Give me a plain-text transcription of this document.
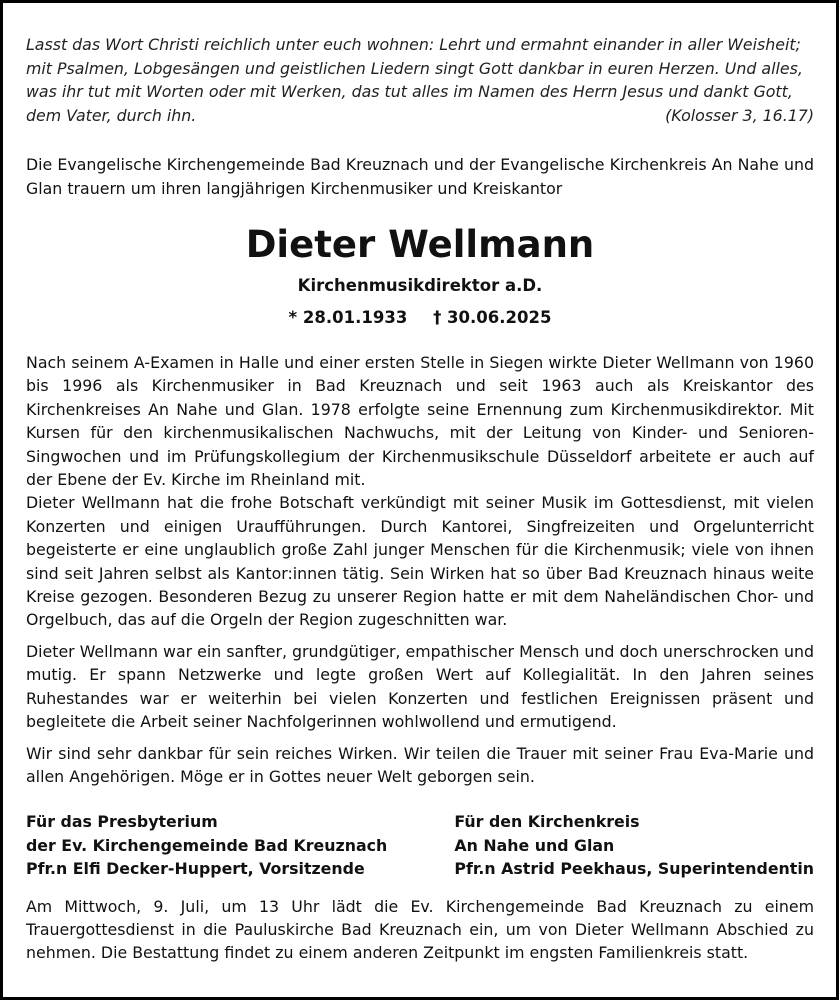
Lasst das Wort Christi reichlich unter euch wohnen: Lehrt und ermahnt einander in aller Weisheit;
mit Psalmen, Lobgesängen und geistlichen Liedern singt Gott dankbar in euren Herzen. Und alles,
was ihr tut mit Worten oder mit Werken, das tut alles im Namen des Herrn Jesus und dankt Gott,
dem Vater, durch ihn.	(Kolosser 3, 16.17)

Die Evangelische Kirchengemeinde Bad Kreuznach und der Evangelische Kirchenkreis An Nahe und Glan trauern um ihren langjährigen Kirchenmusiker und Kreiskantor

Dieter Wellmann
Kirchenmusikdirektor a.D.
* 28.01.1933 † 30.06.2025

Nach seinem A-Examen in Halle und einer ersten Stelle in Siegen wirkte Dieter Wellmann von 1960 bis 1996 als Kirchenmusiker in Bad Kreuznach und seit 1963 auch als Kreiskantor des Kirchenkreises An Nahe und Glan. 1978 erfolgte seine Ernennung zum Kirchenmusikdirektor. Mit Kursen für den kirchenmusikalischen Nachwuchs, mit der Leitung von Kinder- und Senioren-Singwochen und im Prüfungskollegium der Kirchenmusikschule Düsseldorf arbeitete er auch auf der Ebene der Ev. Kirche im Rheinland mit.

Dieter Wellmann hat die frohe Botschaft verkündigt mit seiner Musik im Gottesdienst, mit vielen Konzerten und einigen Uraufführungen. Durch Kantorei, Singfreizeiten und Orgelunterricht begeisterte er eine unglaublich große Zahl junger Menschen für die Kirchenmusik; viele von ihnen sind seit Jahren selbst als Kantor:innen tätig. Sein Wirken hat so über Bad Kreuznach hinaus weite Kreise gezogen. Besonderen Bezug zu unserer Region hatte er mit dem Naheländischen Chor- und Orgelbuch, das auf die Orgeln der Region zugeschnitten war.

Dieter Wellmann war ein sanfter, grundgütiger, empathischer Mensch und doch unerschrocken und mutig. Er spann Netzwerke und legte großen Wert auf Kollegialität. In den Jahren seines Ruhestandes war er weiterhin bei vielen Konzerten und festlichen Ereignissen präsent und begleitete die Arbeit seiner Nachfolgerinnen wohlwollend und ermutigend.

Wir sind sehr dankbar für sein reiches Wirken. Wir teilen die Trauer mit seiner Frau Eva-Marie und allen Angehörigen. Möge er in Gottes neuer Welt geborgen sein.

Für das Presbyterium
der Ev. Kirchengemeinde Bad Kreuznach
Pfr.n Elfi Decker-Huppert, Vorsitzende
Für den Kirchenkreis
An Nahe und Glan
Pfr.n Astrid Peekhaus, Superintendentin

Am Mittwoch, 9. Juli, um 13 Uhr lädt die Ev. Kirchengemeinde Bad Kreuznach zu einem Trauergottesdienst in die Pauluskirche Bad Kreuznach ein, um von Dieter Wellmann Abschied zu nehmen. Die Bestattung findet zu einem anderen Zeitpunkt im engsten Familienkreis statt.
